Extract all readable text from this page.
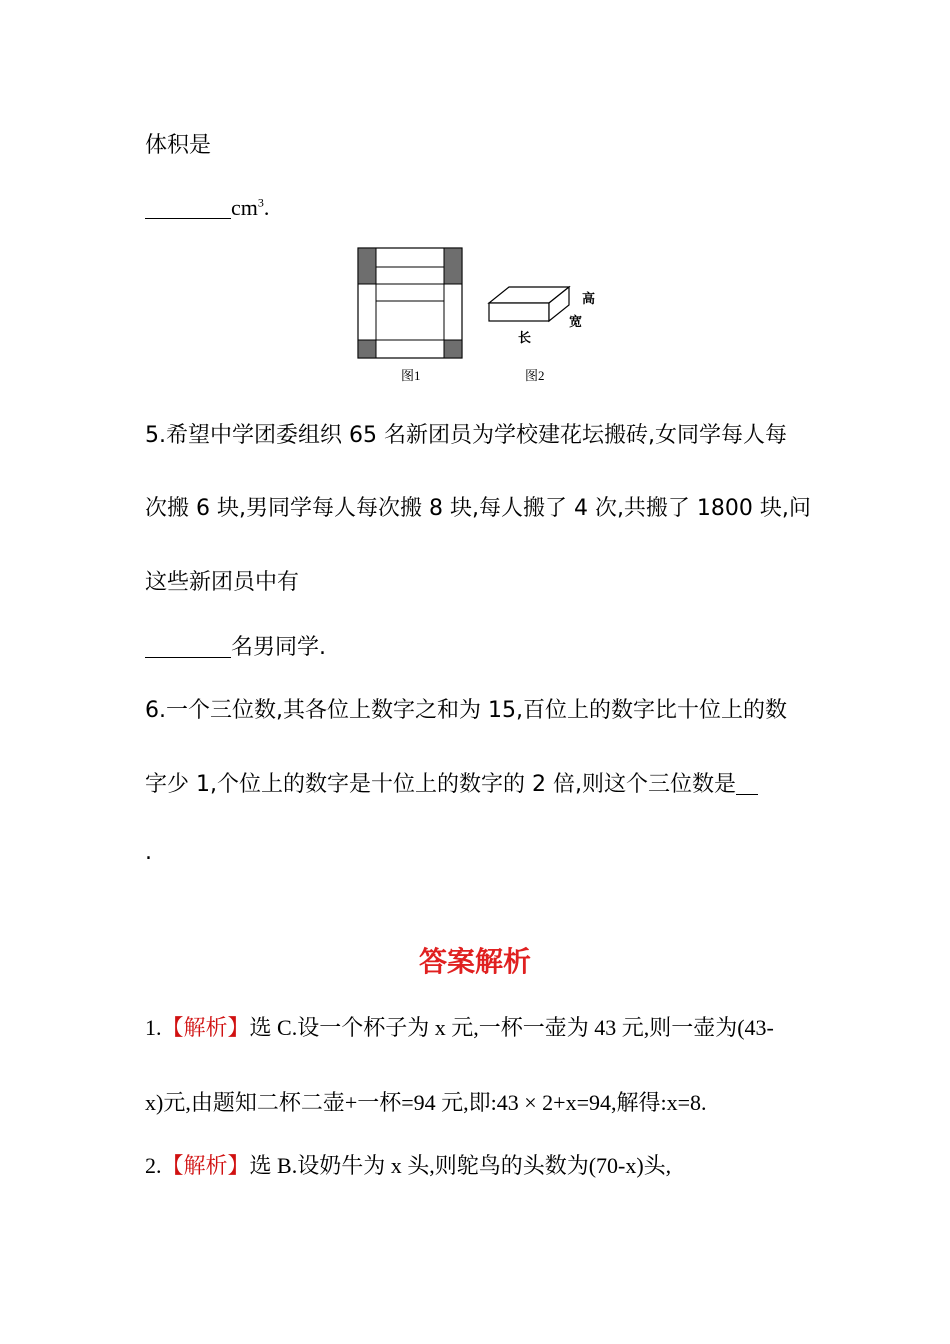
体积是
$cm^3$.
高
宽
长
图1	图2
5.希望中学团委组织 65 名新团员为学校建花坛搬砖,女同学每人每
次搬 6 块,男同学每人每次搬 8 块,每人搬了 4 次,共搬了 1800 块,问
这些新团员中有
名男同学.
6.一个三位数,其各位上数字之和为 15,百位上的数字比十位上的数
字少 1,个位上的数字是十位上的数字的 2 倍,则这个三位数是
.
答案解析
1.【解析】选 C.设一个杯子为 x 元,一杯一壶为 43 元,则一壶为(43-
x)元,由题知二杯二壶+一杯=94 元,即:43 × 2+x=94,解得:x=8.
2.【解析】选 B.设奶牛为 x 头,则鸵鸟的头数为(70-x)头,
